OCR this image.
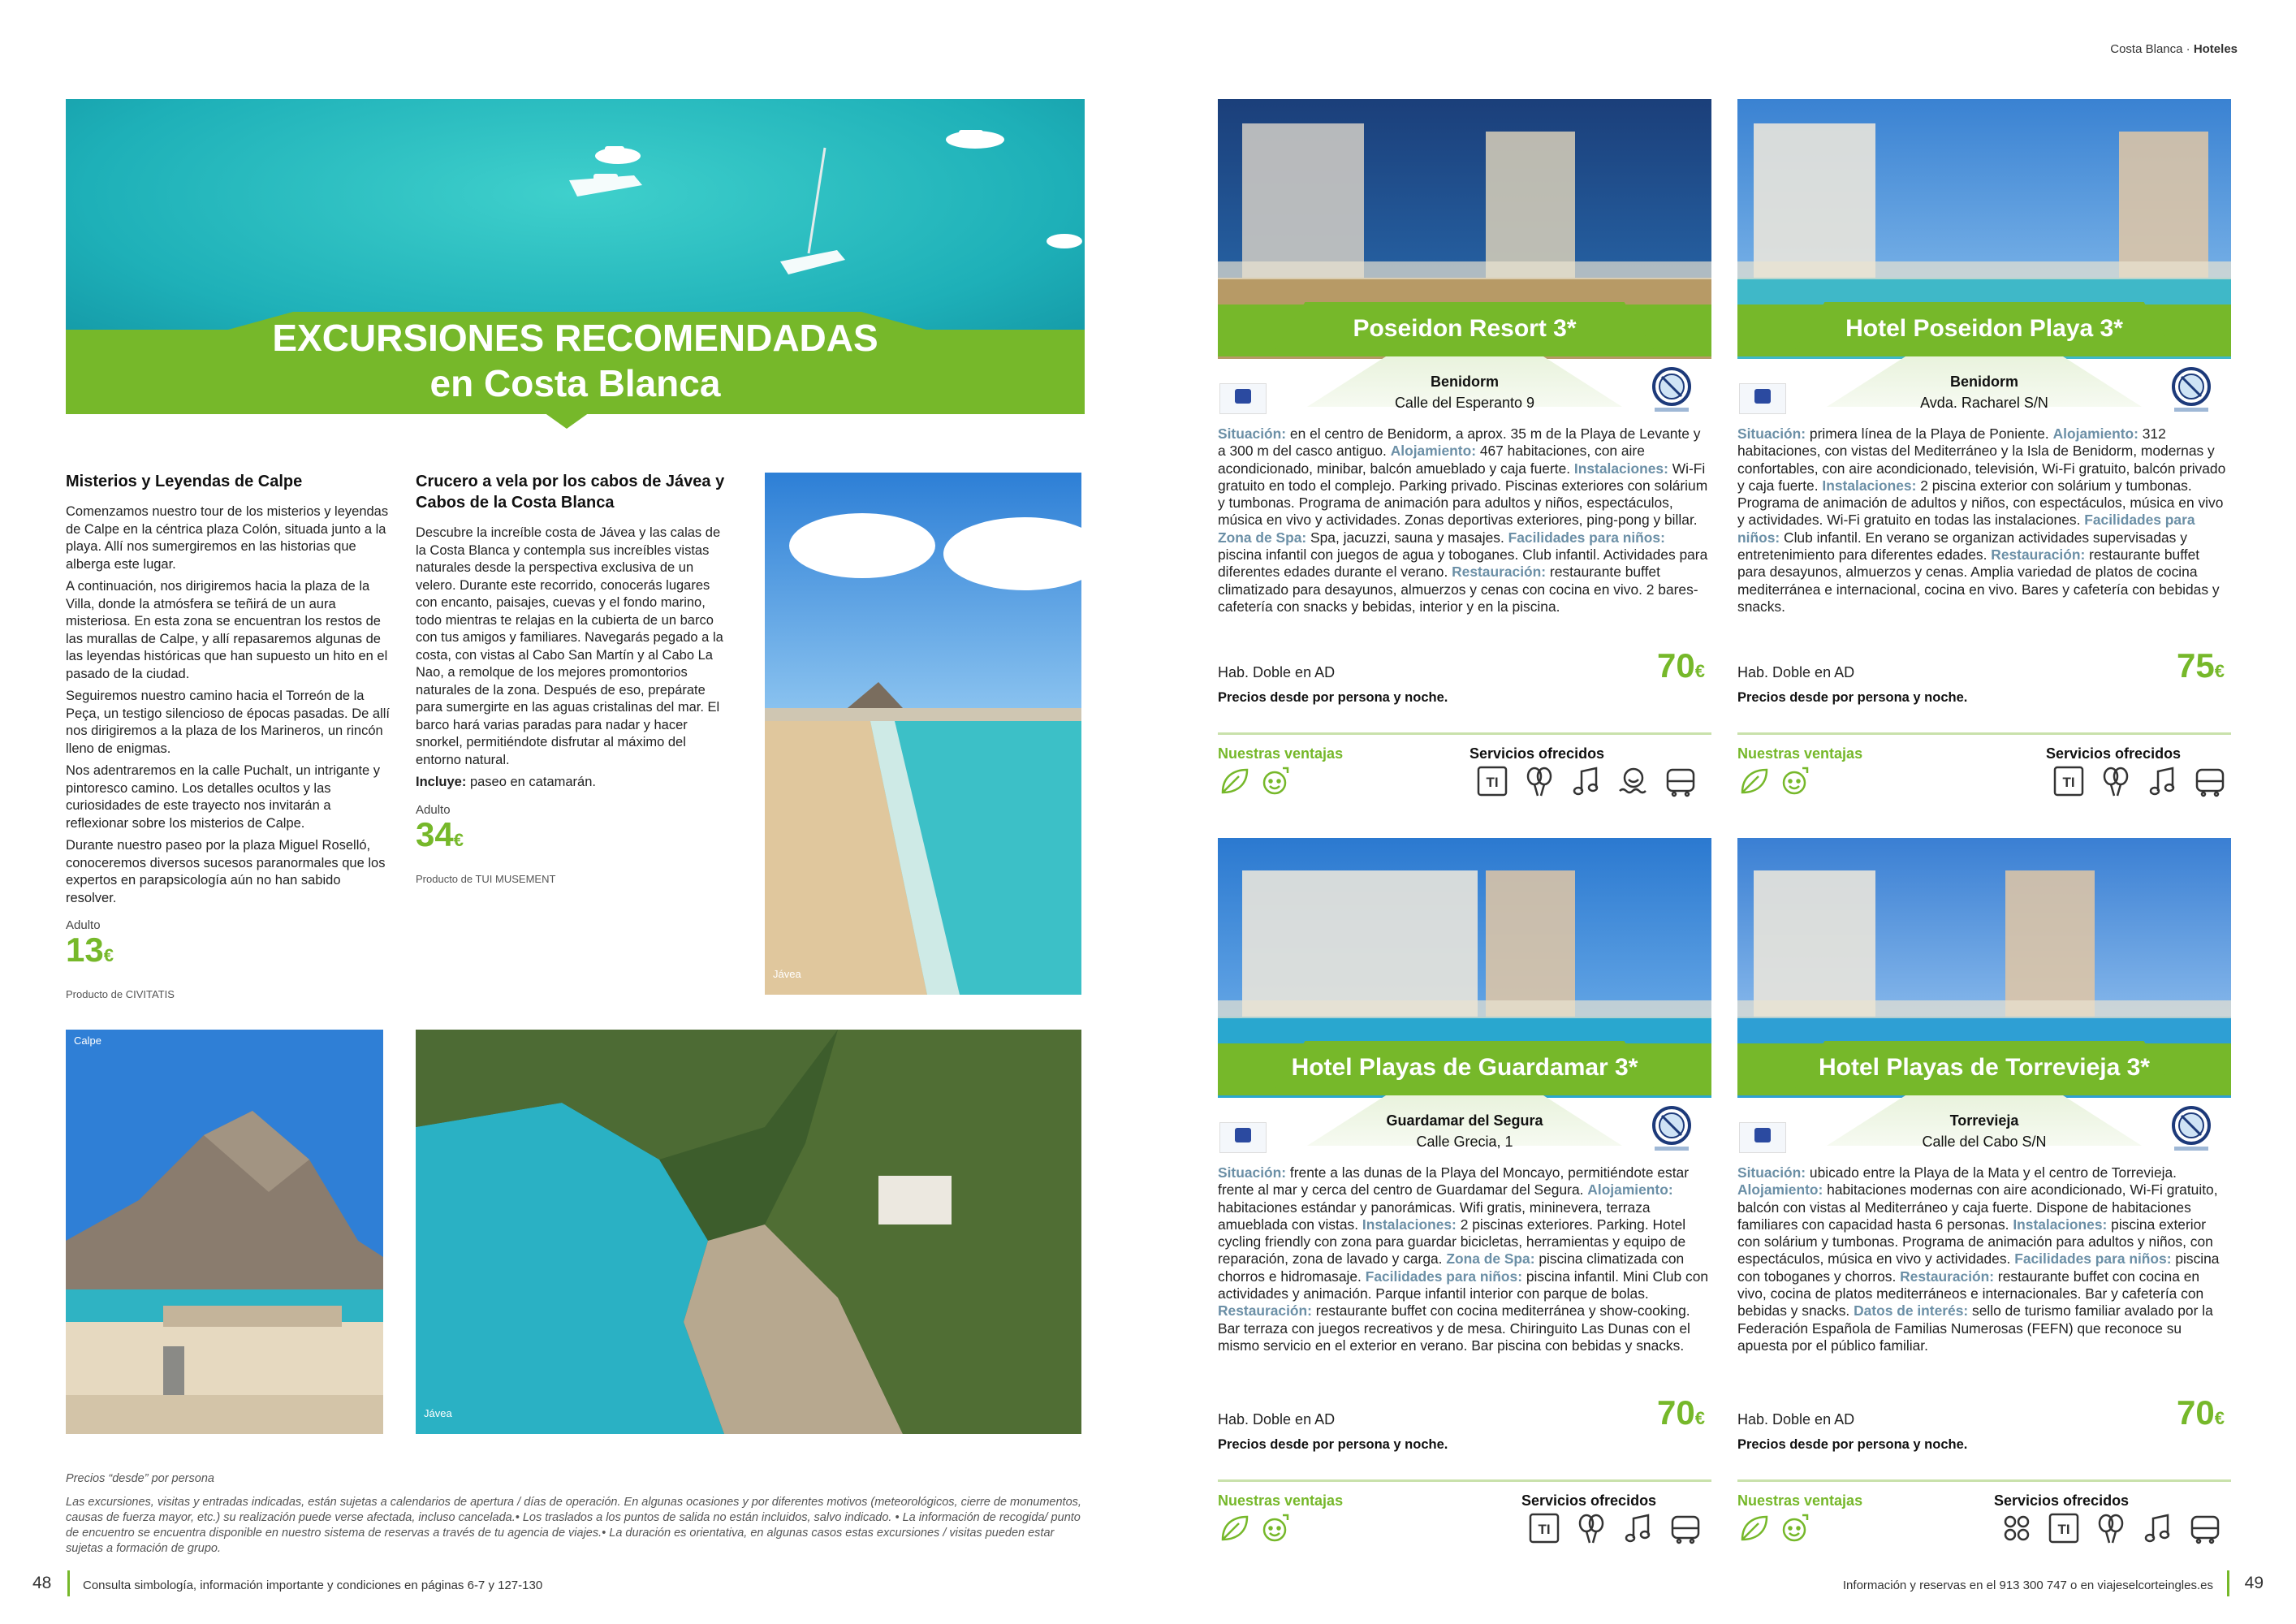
Costa Blanca · Hoteles
EXCURSIONES RECOMENDADAS
en Costa Blanca
Misterios y Leyendas de Calpe

Comenzamos nuestro tour de los misterios y leyendas de Calpe en la céntrica plaza Colón, situada junto a la playa. Allí nos sumergiremos en las historias que alberga este lugar.

A continuación, nos dirigiremos hacia la plaza de la Villa, donde la atmósfera se teñirá de un aura misteriosa. En esta zona se encuentran los restos de las murallas de Calpe, y allí repasaremos algunas de las leyendas históricas que han supuesto un hito en el pasado de la ciudad.

Seguiremos nuestro camino hacia el Torreón de la Peça, un testigo silencioso de épocas pasadas. De allí nos dirigiremos a la plaza de los Marineros, un rincón lleno de enigmas.

Nos adentraremos en la calle Puchalt, un intrigante y pintoresco camino. Los detalles ocultos y las curiosidades de este trayecto nos invitarán a reflexionar sobre los misterios de Calpe.

Durante nuestro paseo por la plaza Miguel Roselló, conoceremos diversos sucesos paranormales que los expertos en parapsicología aún no han sabido resolver.

Adulto
13€
Producto de CIVITATIS
Crucero a vela por los cabos de Jávea y Cabos de la Costa Blanca

Descubre la increíble costa de Jávea y las calas de la Costa Blanca y contempla sus increíbles vistas naturales desde la perspectiva exclusiva de un velero. Durante este recorrido, conocerás lugares con encanto, paisajes, cuevas y el fondo marino, todo mientras te relajas en la cubierta de un barco con tus amigos y familiares. Navegarás pegado a la costa, con vistas al Cabo San Martín y al Cabo La Nao, a remolque de los mejores promontorios naturales de la zona. Después de eso, prepárate para sumergirte en las aguas cristalinas del mar. El barco hará varias paradas para nadar y hacer snorkel, permitiéndote disfrutar al máximo del entorno natural.

Incluye: paseo en catamarán.

Adulto
34€
Producto de TUI MUSEMENT
Jávea
Calpe
Jávea
Precios “desde” por persona
Las excursiones, visitas y entradas indicadas, están sujetas a calendarios de apertura / días de operación. En algunas ocasiones y por diferentes motivos (meteorológicos, cierre de monumentos, causas de fuerza mayor, etc.) su realización puede verse afectada, incluso cancelada.• Los traslados a los puntos de salida no están incluidos, salvo indicado. • La información de recogida/ punto de encuentro se encuentra disponible en nuestro sistema de reservas a través de tu agencia de viajes.• La duración es orientativa, en algunas casos estas excursiones / visitas pueden estar sujetas a formación de grupo.
48	Consulta simbología, información importante y condiciones en páginas 6-7 y 127-130	Información y reservas en el 913 300 747 o en viajeselcorteingles.es 49
Poseidon Resort 3*
Benidorm
Calle del Esperanto 9
Situación: en el centro de Benidorm, a aprox. 35 m de la Playa de Levante y a 300 m del casco antiguo. Alojamiento: 467 habitaciones, con aire acondicionado, minibar, balcón amueblado y caja fuerte. Instalaciones: Wi-Fi gratuito en todo el complejo. Parking privado. Piscinas exteriores con solárium y tumbonas. Programa de animación para adultos y niños, espectáculos, música en vivo y actividades. Zonas deportivas exteriores, ping-pong y billar. Zona de Spa: Spa, jacuzzi, sauna y masajes. Facilidades para niños: piscina infantil con juegos de agua y toboganes. Club infantil. Actividades para diferentes edades durante el verano. Restauración: restaurante buffet climatizado para desayunos, almuerzos y cenas con cocina en vivo. 2 bares-cafetería con snacks y bebidas, interior y en la piscina.
Hab. Doble en AD	70€
Precios desde por persona y noche.
Nuestras ventajas	Servicios ofrecidos
TI
Hotel Poseidon Playa 3*
Benidorm
Avda. Racharel S/N
Situación: primera línea de la Playa de Poniente. Alojamiento: 312 habitaciones, con vistas del Mediterráneo y la Isla de Benidorm, modernas y confortables, con aire acondicionado, televisión, Wi-Fi gratuito, balcón privado y caja fuerte. Instalaciones: 2 piscina exterior con solárium y tumbonas. Programa de animación de adultos y niños, con espectáculos, música en vivo y actividades. Wi-Fi gratuito en todas las instalaciones. Facilidades para niños: Club infantil. En verano se organizan actividades supervisadas y entretenimiento para diferentes edades. Restauración: restaurante buffet para desayunos, almuerzos y cenas. Amplia variedad de platos de cocina mediterránea e internacional, cocina en vivo. Bares y cafetería con bebidas y snacks.
Hab. Doble en AD	75€
Precios desde por persona y noche.
Nuestras ventajas	Servicios ofrecidos
TI
Hotel Playas de Guardamar 3*
Guardamar del Segura
Calle Grecia, 1
Situación: frente a las dunas de la Playa del Moncayo, permitiéndote estar frente al mar y cerca del centro de Guardamar del Segura. Alojamiento: habitaciones estándar y panorámicas. Wifi gratis, mininevera, terraza amueblada con vistas. Instalaciones: 2 piscinas exteriores. Parking. Hotel cycling friendly con zona para guardar bicicletas, herramientas y equipo de reparación, zona de lavado y carga. Zona de Spa: piscina climatizada con chorros e hidromasaje. Facilidades para niños: piscina infantil. Mini Club con actividades y animación. Parque infantil interior con parque de bolas. Restauración: restaurante buffet con cocina mediterránea y show-cooking. Bar terraza con juegos recreativos y de mesa. Chiringuito Las Dunas con el mismo servicio en el exterior en verano. Bar piscina con bebidas y snacks.
Hab. Doble en AD	70€
Precios desde por persona y noche.
Nuestras ventajas	Servicios ofrecidos
TI
Hotel Playas de Torrevieja 3*
Torrevieja
Calle del Cabo S/N
Situación: ubicado entre la Playa de la Mata y el centro de Torrevieja. Alojamiento: habitaciones modernas con aire acondicionado, Wi-Fi gratuito, balcón con vistas al Mediterráneo y caja fuerte. Dispone de habitaciones familiares con capacidad hasta 6 personas. Instalaciones: piscina exterior con solárium y tumbonas. Programa de animación para adultos y niños, con espectáculos, música en vivo y actividades. Facilidades para niños: piscina con toboganes y chorros. Restauración: restaurante buffet con cocina en vivo, cocina de platos mediterráneos e internacionales. Bar y cafetería con bebidas y snacks. Datos de interés: sello de turismo familiar avalado por la Federación Española de Familias Numerosas (FEFN) que reconoce su apuesta por el público familiar.
Hab. Doble en AD	70€
Precios desde por persona y noche.
Nuestras ventajas	Servicios ofrecidos
TI
